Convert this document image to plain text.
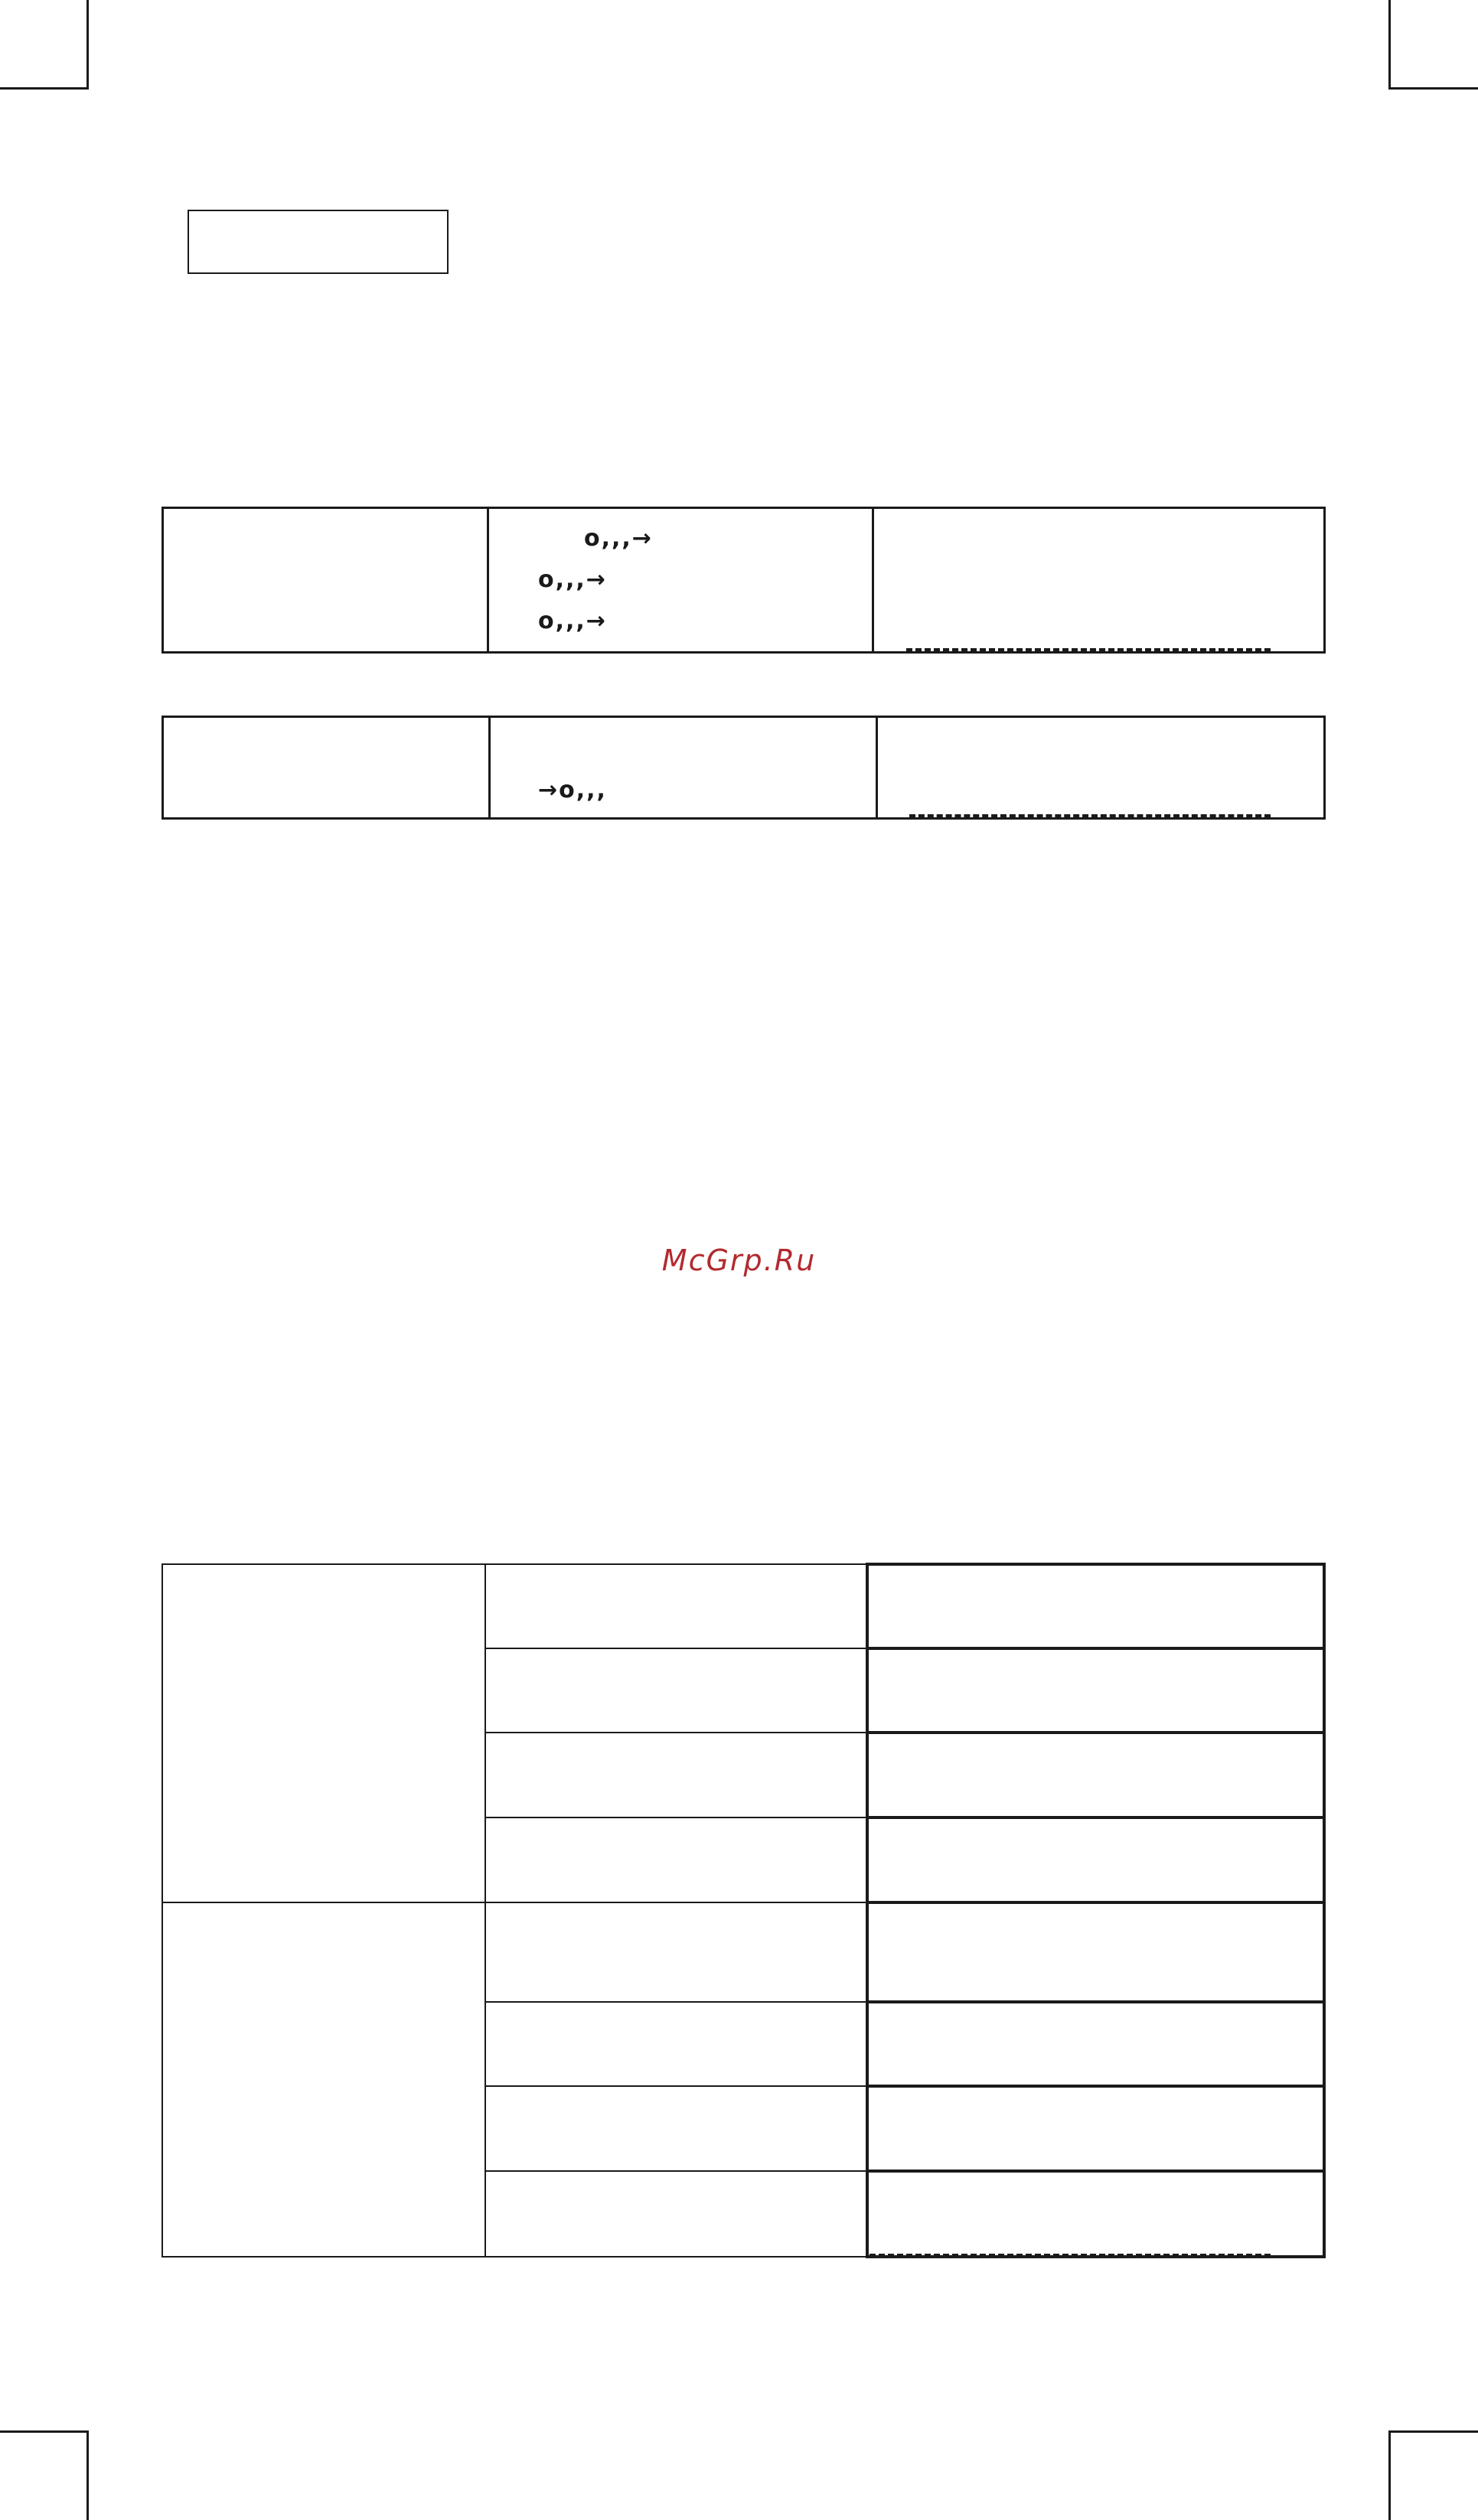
o,,,→
o,,,→
o,,,→

→o,,,

McGrp.Ru
